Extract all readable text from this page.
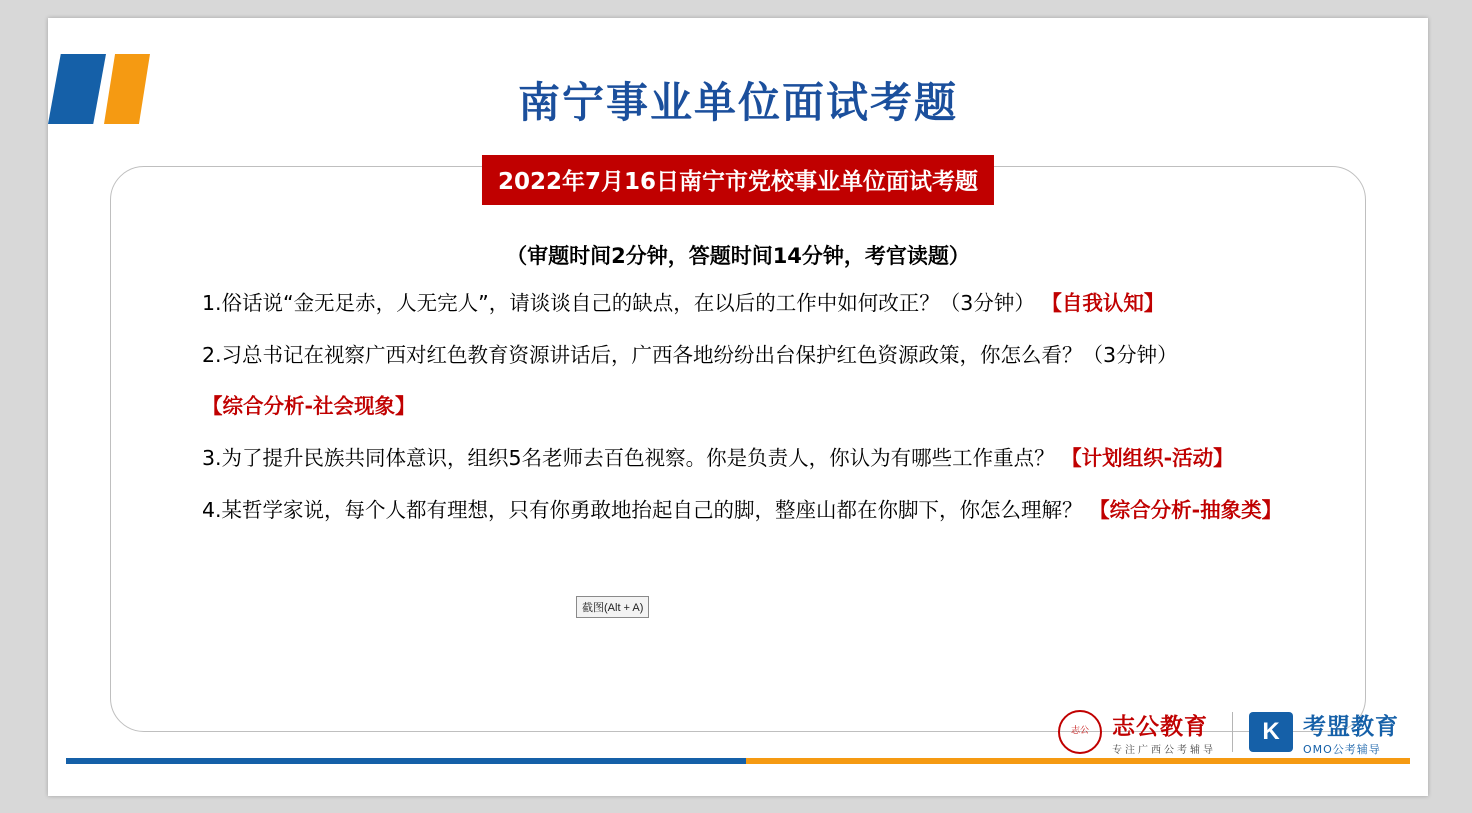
南宁事业单位面试考题
2022年7月16日南宁市党校事业单位面试考题
（审题时间2分钟，答题时间14分钟，考官读题）
1.俗话说“金无足赤，人无完人”，请谈谈自己的缺点，在以后的工作中如何改正？（3分钟） 【自我认知】
2.习总书记在视察广西对红色教育资源讲话后，广西各地纷纷出台保护红色资源政策，你怎么看？（3分钟）
【综合分析-社会现象】
3.为了提升民族共同体意识，组织5名老师去百色视察。你是负责人，你认为有哪些工作重点？ 【计划组织-活动】
4.某哲学家说，每个人都有理想，只有你勇敢地抬起自己的脚，整座山都在你脚下，你怎么理解？ 【综合分析-抽象类】
截图(Alt + A)
志公	志公教育
专注广西公考辅导
K	考盟教育
OMO公考辅导
